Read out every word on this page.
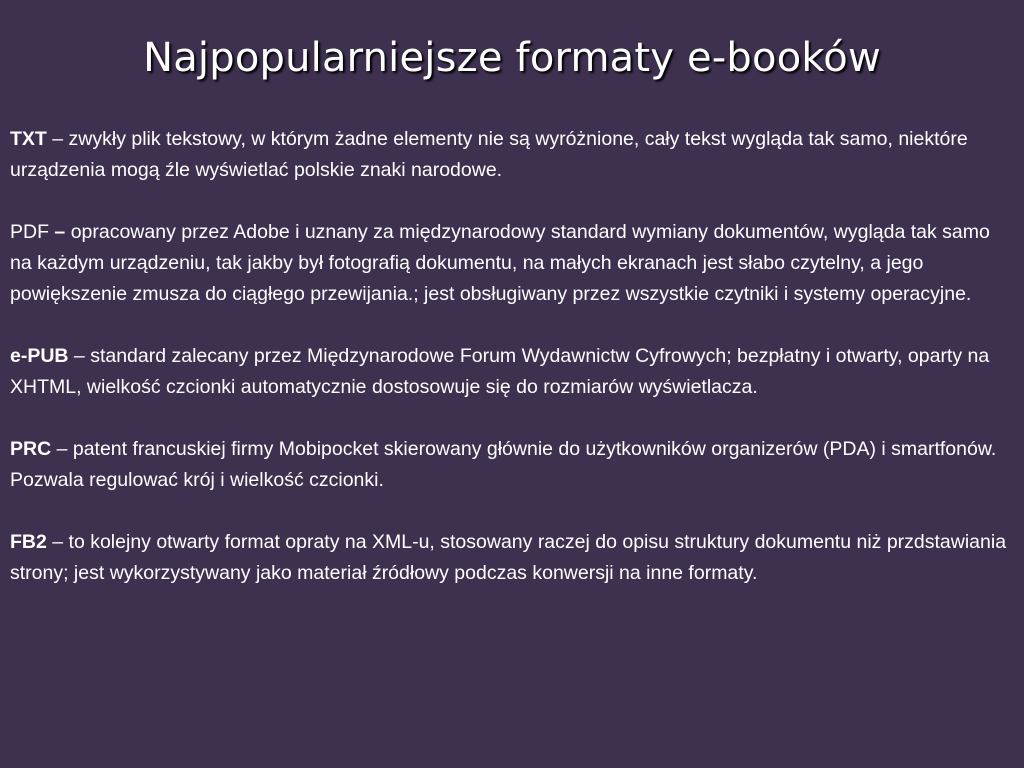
Najpopularniejsze formaty e-booków

TXT – zwykły plik tekstowy, w którym żadne elementy nie są wyróżnione, cały tekst wygląda tak samo, niektóre urządzenia mogą źle wyświetlać polskie znaki narodowe.

PDF – opracowany przez Adobe i uznany za międzynarodowy standard wymiany dokumentów, wygląda tak samo na każdym urządzeniu, tak jakby był fotografią dokumentu, na małych ekranach jest słabo czytelny, a jego powiększenie zmusza do ciągłego przewijania.; jest obsługiwany przez wszystkie czytniki i systemy operacyjne.

e-PUB – standard zalecany przez Międzynarodowe Forum Wydawnictw Cyfrowych; bezpłatny i otwarty, oparty na XHTML, wielkość czcionki automatycznie dostosowuje się do rozmiarów wyświetlacza.

PRC – patent francuskiej firmy Mobipocket skierowany głównie do użytkowników organizerów (PDA) i smartfonów. Pozwala regulować krój i wielkość czcionki.

FB2 – to kolejny otwarty format oprаty na XML-u, stosowany raczej do opisu struktury dokumentu niż przdstawiania strony; jest wykorzystywany jako materiał źródłowy podczas konwersji na inne formaty.
